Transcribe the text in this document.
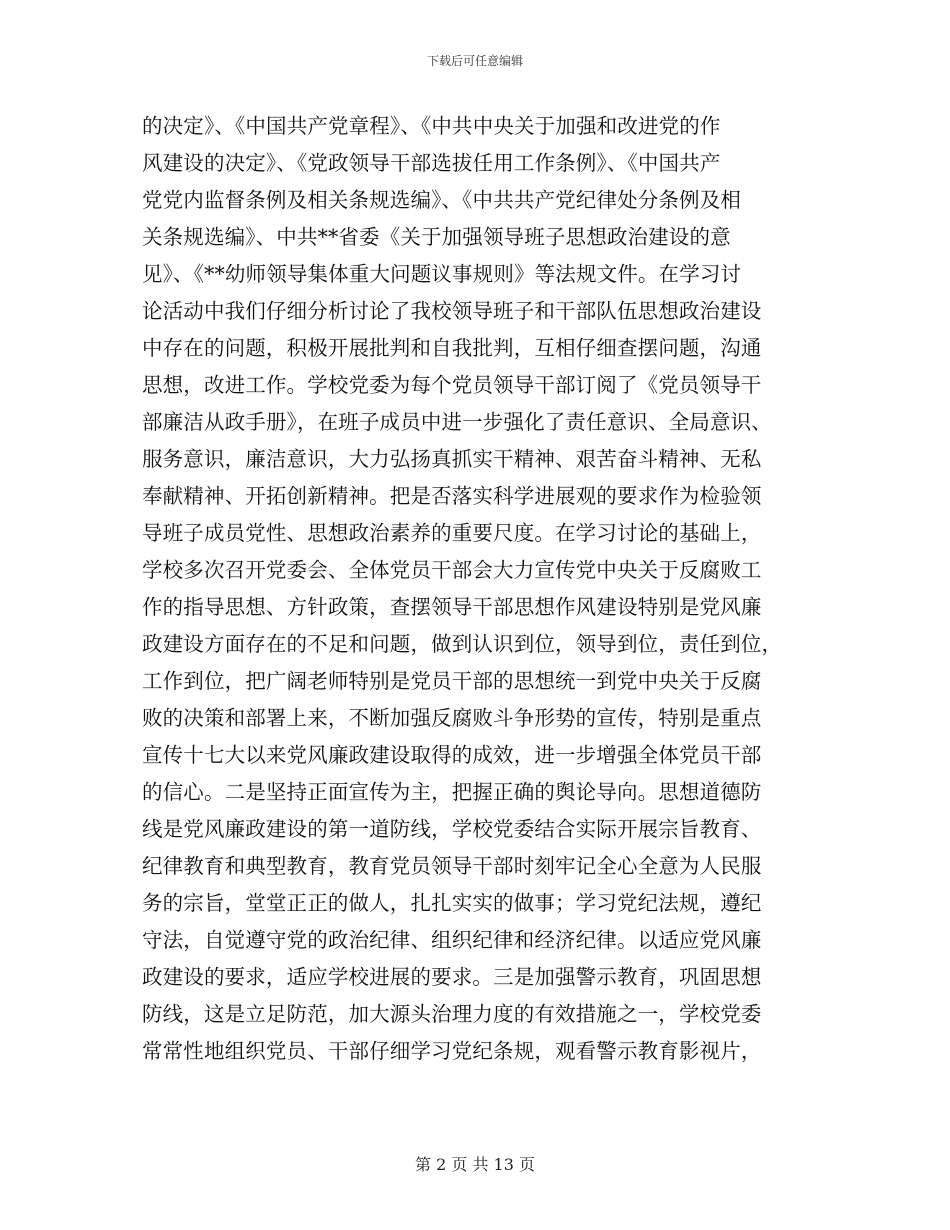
下载后可任意编辑
的决定》、《中国共产党章程》、《中共中央关于加强和改进党的作
风建设的决定》、《党政领导干部选拔任用工作条例》、《中国共产
党党内监督条例及相关条规选编》、《中共共产党纪律处分条例及相
关条规选编》、中共**省委《关于加强领导班子思想政治建设的意
见》、《**幼师领导集体重大问题议事规则》等法规文件。在学习讨
论活动中我们仔细分析讨论了我校领导班子和干部队伍思想政治建设
中存在的问题，积极开展批判和自我批判，互相仔细查摆问题，沟通
思想，改进工作。学校党委为每个党员领导干部订阅了《党员领导干
部廉洁从政手册》，在班子成员中进一步强化了责任意识、全局意识、
服务意识，廉洁意识，大力弘扬真抓实干精神、艰苦奋斗精神、无私
奉献精神、开拓创新精神。把是否落实科学进展观的要求作为检验领
导班子成员党性、思想政治素养的重要尺度。在学习讨论的基础上，
学校多次召开党委会、全体党员干部会大力宣传党中央关于反腐败工
作的指导思想、方针政策，查摆领导干部思想作风建设特别是党风廉
政建设方面存在的不足和问题，做到认识到位，领导到位，责任到位，
工作到位，把广阔老师特别是党员干部的思想统一到党中央关于反腐
败的决策和部署上来，不断加强反腐败斗争形势的宣传，特别是重点
宣传十七大以来党风廉政建设取得的成效，进一步增强全体党员干部
的信心。二是坚持正面宣传为主，把握正确的舆论导向。思想道德防
线是党风廉政建设的第一道防线，学校党委结合实际开展宗旨教育、
纪律教育和典型教育，教育党员领导干部时刻牢记全心全意为人民服
务的宗旨，堂堂正正的做人，扎扎实实的做事；学习党纪法规，遵纪
守法，自觉遵守党的政治纪律、组织纪律和经济纪律。以适应党风廉
政建设的要求，适应学校进展的要求。三是加强警示教育，巩固思想
防线，这是立足防范，加大源头治理力度的有效措施之一，学校党委
常常性地组织党员、干部仔细学习党纪条规，观看警示教育影视片，
第 2 页 共 13 页
